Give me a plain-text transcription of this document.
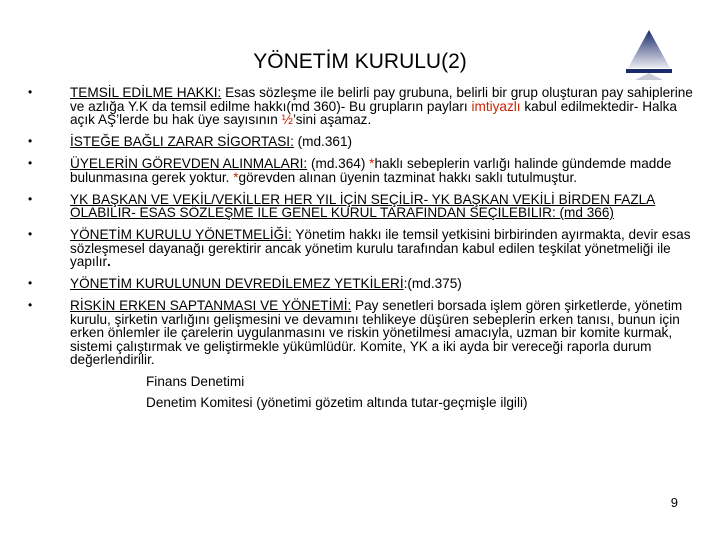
YÖNETİM KURULU(2)
•	TEMSİL EDİLME HAKKI: Esas sözleşme ile belirli pay grubuna, belirli bir grup oluşturan pay sahiplerine ve azlığa Y.K da temsil edilme hakkı(md 360)- Bu grupların payları imtiyazlı kabul edilmektedir- Halka açık AŞ’lerde bu hak üye sayısının ½’sini aşamaz.
•	İSTEĞE BAĞLI ZARAR SİGORTASI: (md.361)
•	ÜYELERİN GÖREVDEN ALINMALARI: (md.364) *haklı sebeplerin varlığı halinde gündemde madde bulunmasına gerek yoktur. *görevden alınan üyenin tazminat hakkı saklı tutulmuştur.
•	YK BAŞKAN VE VEKİL/VEKİLLER HER YIL İÇİN SEÇİLİR- YK BAŞKAN VEKİLİ BİRDEN FAZLA OLABİLİR- ESAS SÖZLEŞME İLE GENEL KURUL TARAFINDAN SEÇİLEBİLİR: (md 366)
•	YÖNETİM KURULU YÖNETMELİĞİ: Yönetim hakkı ile temsil yetkisini birbirinden ayırmakta, devir esas sözleşmesel dayanağı gerektirir ancak yönetim kurulu tarafından kabul edilen teşkilat yönetmeliği ile yapılır.
•	YÖNETİM KURULUNUN DEVREDİLEMEZ YETKİLERİ:(md.375)
•	RİSKİN ERKEN SAPTANMASI VE YÖNETİMİ: Pay senetleri borsada işlem gören şirketlerde, yönetim kurulu, şirketin varlığını gelişmesini ve devamını tehlikeye düşüren sebeplerin erken tanısı, bunun için erken önlemler ile çarelerin uygulanmasını ve riskin yönetilmesi amacıyla, uzman bir komite kurmak, sistemi çalıştırmak ve geliştirmekle yükümlüdür. Komite, YK a iki ayda bir vereceği raporla durum değerlendirilir.
Finans Denetimi
Denetim Komitesi (yönetimi gözetim altında tutar-geçmişle ilgili)
9
